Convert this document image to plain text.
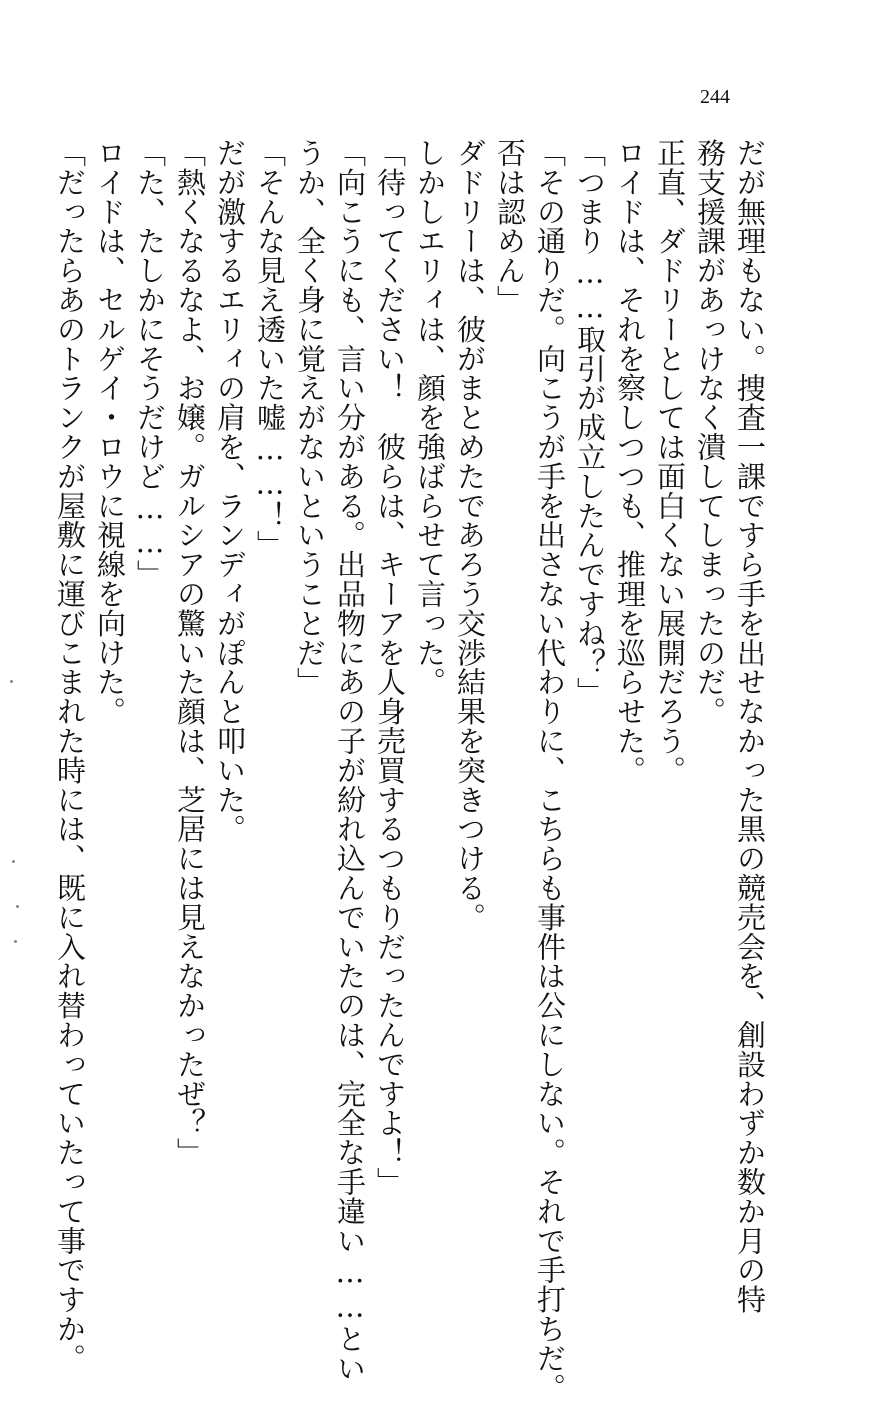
244
だが無理もない。捜査一課ですら手を出せなかった黒の競売会を、創設わずか数か月の特
務支援課があっけなく潰してしまったのだ。
正直、ダドリーとしては面白くない展開だろう。
ロイドは、それを察しつつも、推理を巡らせた。
「つまり……取引が成立したんですね？」
「その通りだ。向こうが手を出さない代わりに、こちらも事件は公にしない。それで手打ちだ。
否は認めん」
ダドリーは、彼がまとめたであろう交渉結果を突きつける。
しかしエリィは、顔を強ばらせて言った。
「待ってください！　彼らは、キーアを人身売買するつもりだったんですよ！」
「向こうにも、言い分がある。出品物にあの子が紛れ込んでいたのは、完全な手違い……とい
うか、全く身に覚えがないということだ」
「そんな見え透いた嘘……！」
だが激するエリィの肩を、ランディがぽんと叩いた。
「熱くなるなよ、お嬢。ガルシアの驚いた顔は、芝居には見えなかったぜ？」
「た、たしかにそうだけど……」
ロイドは、セルゲイ・ロウに視線を向けた。
「だったらあのトランクが屋敷に運びこまれた時には、既に入れ替わっていたって事ですか。
